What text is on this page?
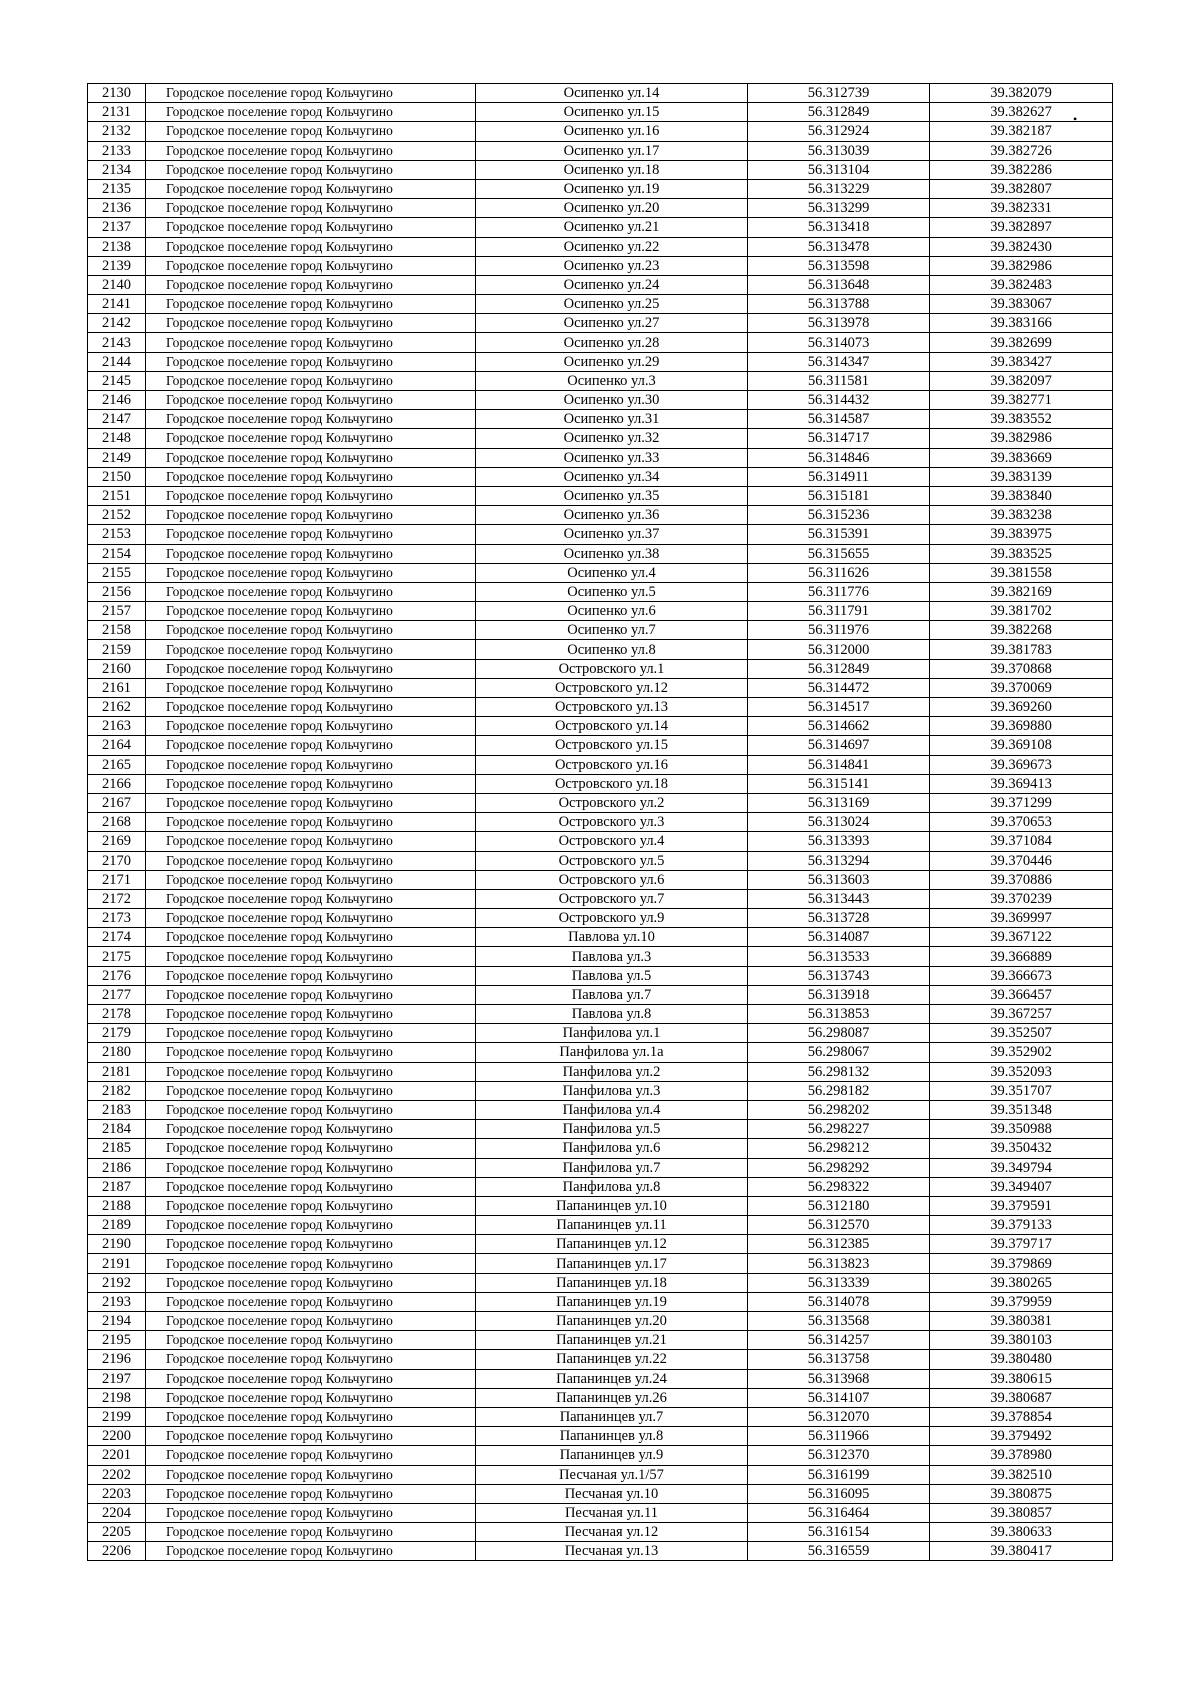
2130	Городское поселение город Кольчугино	Осипенко ул.14	56.312739	39.382079
2131	Городское поселение город Кольчугино	Осипенко ул.15	56.312849	39.382627
2132	Городское поселение город Кольчугино	Осипенко ул.16	56.312924	39.382187
2133	Городское поселение город Кольчугино	Осипенко ул.17	56.313039	39.382726
2134	Городское поселение город Кольчугино	Осипенко ул.18	56.313104	39.382286
2135	Городское поселение город Кольчугино	Осипенко ул.19	56.313229	39.382807
2136	Городское поселение город Кольчугино	Осипенко ул.20	56.313299	39.382331
2137	Городское поселение город Кольчугино	Осипенко ул.21	56.313418	39.382897
2138	Городское поселение город Кольчугино	Осипенко ул.22	56.313478	39.382430
2139	Городское поселение город Кольчугино	Осипенко ул.23	56.313598	39.382986
2140	Городское поселение город Кольчугино	Осипенко ул.24	56.313648	39.382483
2141	Городское поселение город Кольчугино	Осипенко ул.25	56.313788	39.383067
2142	Городское поселение город Кольчугино	Осипенко ул.27	56.313978	39.383166
2143	Городское поселение город Кольчугино	Осипенко ул.28	56.314073	39.382699
2144	Городское поселение город Кольчугино	Осипенко ул.29	56.314347	39.383427
2145	Городское поселение город Кольчугино	Осипенко ул.3	56.311581	39.382097
2146	Городское поселение город Кольчугино	Осипенко ул.30	56.314432	39.382771
2147	Городское поселение город Кольчугино	Осипенко ул.31	56.314587	39.383552
2148	Городское поселение город Кольчугино	Осипенко ул.32	56.314717	39.382986
2149	Городское поселение город Кольчугино	Осипенко ул.33	56.314846	39.383669
2150	Городское поселение город Кольчугино	Осипенко ул.34	56.314911	39.383139
2151	Городское поселение город Кольчугино	Осипенко ул.35	56.315181	39.383840
2152	Городское поселение город Кольчугино	Осипенко ул.36	56.315236	39.383238
2153	Городское поселение город Кольчугино	Осипенко ул.37	56.315391	39.383975
2154	Городское поселение город Кольчугино	Осипенко ул.38	56.315655	39.383525
2155	Городское поселение город Кольчугино	Осипенко ул.4	56.311626	39.381558
2156	Городское поселение город Кольчугино	Осипенко ул.5	56.311776	39.382169
2157	Городское поселение город Кольчугино	Осипенко ул.6	56.311791	39.381702
2158	Городское поселение город Кольчугино	Осипенко ул.7	56.311976	39.382268
2159	Городское поселение город Кольчугино	Осипенко ул.8	56.312000	39.381783
2160	Городское поселение город Кольчугино	Островского ул.1	56.312849	39.370868
2161	Городское поселение город Кольчугино	Островского ул.12	56.314472	39.370069
2162	Городское поселение город Кольчугино	Островского ул.13	56.314517	39.369260
2163	Городское поселение город Кольчугино	Островского ул.14	56.314662	39.369880
2164	Городское поселение город Кольчугино	Островского ул.15	56.314697	39.369108
2165	Городское поселение город Кольчугино	Островского ул.16	56.314841	39.369673
2166	Городское поселение город Кольчугино	Островского ул.18	56.315141	39.369413
2167	Городское поселение город Кольчугино	Островского ул.2	56.313169	39.371299
2168	Городское поселение город Кольчугино	Островского ул.3	56.313024	39.370653
2169	Городское поселение город Кольчугино	Островского ул.4	56.313393	39.371084
2170	Городское поселение город Кольчугино	Островского ул.5	56.313294	39.370446
2171	Городское поселение город Кольчугино	Островского ул.6	56.313603	39.370886
2172	Городское поселение город Кольчугино	Островского ул.7	56.313443	39.370239
2173	Городское поселение город Кольчугино	Островского ул.9	56.313728	39.369997
2174	Городское поселение город Кольчугино	Павлова ул.10	56.314087	39.367122
2175	Городское поселение город Кольчугино	Павлова ул.3	56.313533	39.366889
2176	Городское поселение город Кольчугино	Павлова ул.5	56.313743	39.366673
2177	Городское поселение город Кольчугино	Павлова ул.7	56.313918	39.366457
2178	Городское поселение город Кольчугино	Павлова ул.8	56.313853	39.367257
2179	Городское поселение город Кольчугино	Панфилова ул.1	56.298087	39.352507
2180	Городское поселение город Кольчугино	Панфилова ул.1а	56.298067	39.352902
2181	Городское поселение город Кольчугино	Панфилова ул.2	56.298132	39.352093
2182	Городское поселение город Кольчугино	Панфилова ул.3	56.298182	39.351707
2183	Городское поселение город Кольчугино	Панфилова ул.4	56.298202	39.351348
2184	Городское поселение город Кольчугино	Панфилова ул.5	56.298227	39.350988
2185	Городское поселение город Кольчугино	Панфилова ул.6	56.298212	39.350432
2186	Городское поселение город Кольчугино	Панфилова ул.7	56.298292	39.349794
2187	Городское поселение город Кольчугино	Панфилова ул.8	56.298322	39.349407
2188	Городское поселение город Кольчугино	Папанинцев ул.10	56.312180	39.379591
2189	Городское поселение город Кольчугино	Папанинцев ул.11	56.312570	39.379133
2190	Городское поселение город Кольчугино	Папанинцев ул.12	56.312385	39.379717
2191	Городское поселение город Кольчугино	Папанинцев ул.17	56.313823	39.379869
2192	Городское поселение город Кольчугино	Папанинцев ул.18	56.313339	39.380265
2193	Городское поселение город Кольчугино	Папанинцев ул.19	56.314078	39.379959
2194	Городское поселение город Кольчугино	Папанинцев ул.20	56.313568	39.380381
2195	Городское поселение город Кольчугино	Папанинцев ул.21	56.314257	39.380103
2196	Городское поселение город Кольчугино	Папанинцев ул.22	56.313758	39.380480
2197	Городское поселение город Кольчугино	Папанинцев ул.24	56.313968	39.380615
2198	Городское поселение город Кольчугино	Папанинцев ул.26	56.314107	39.380687
2199	Городское поселение город Кольчугино	Папанинцев ул.7	56.312070	39.378854
2200	Городское поселение город Кольчугино	Папанинцев ул.8	56.311966	39.379492
2201	Городское поселение город Кольчугино	Папанинцев ул.9	56.312370	39.378980
2202	Городское поселение город Кольчугино	Песчаная ул.1/57	56.316199	39.382510
2203	Городское поселение город Кольчугино	Песчаная ул.10	56.316095	39.380875
2204	Городское поселение город Кольчугино	Песчаная ул.11	56.316464	39.380857
2205	Городское поселение город Кольчугино	Песчаная ул.12	56.316154	39.380633
2206	Городское поселение город Кольчугино	Песчаная ул.13	56.316559	39.380417
•
